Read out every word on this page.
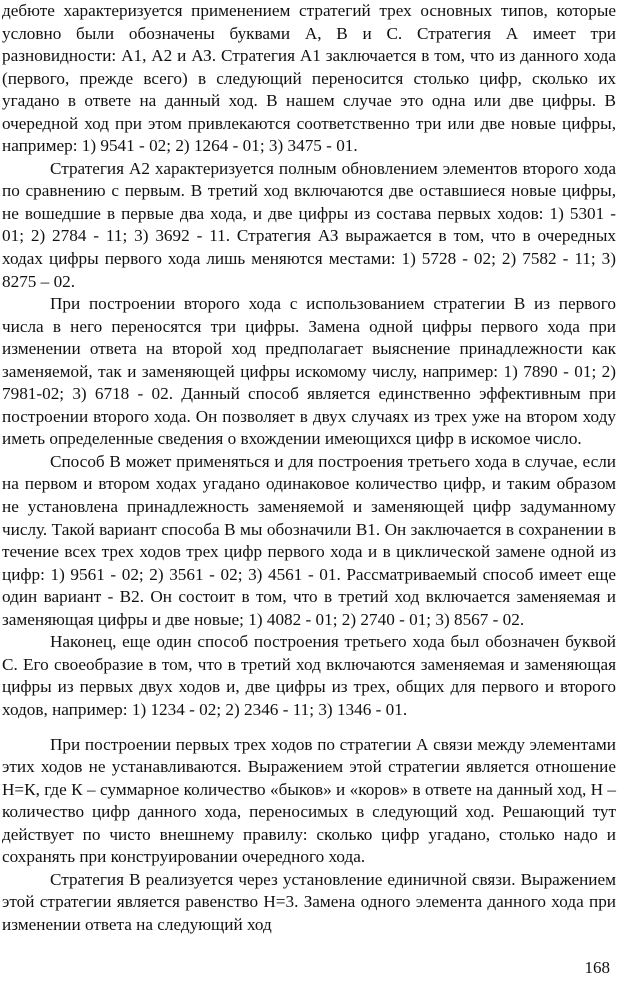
дебюте характеризуется применением стратегий трех основных типов, которые условно были обозначены буквами А, В и С. Стратегия А имеет три разновидности: А1, А2 и АЗ. Стратегия А1 заключается в том, что из данного хода (первого, прежде всего) в следующий переносится столько цифр, сколько их угадано в ответе на данный ход. В нашем случае это одна или две цифры. В очередной ход при этом привлекаются соответственно три или две новые цифры, например: 1) 9541 - 02; 2) 1264 - 01; 3) 3475 - 01.

Стратегия А2 характеризуется полным обновлением элементов второго хода по сравнению с первым. В третий ход включаются две оставшиеся новые цифры, не вошедшие в первые два хода, и две цифры из состава первых ходов: 1) 5301 - 01; 2) 2784 - 11; 3) 3692 - 11. Стратегия АЗ выражается в том, что в очередных ходах цифры первого хода лишь меняются местами: 1) 5728 - 02; 2) 7582 - 11; 3) 8275 – 02.

При построении второго хода с использованием стратегии В из первого числа в него переносятся три цифры. Замена одной цифры первого хода при изменении ответа на второй ход предполагает выяснение принадлежности как заменяемой, так и заменяющей цифры искомому числу, например: 1) 7890 - 01; 2) 7981-02; 3) 6718 - 02. Данный способ является единственно эффективным при построении второго хода. Он позволяет в двух случаях из трех уже на втором ходу иметь определенные сведения о вхождении имеющихся цифр в искомое число.

Способ В может применяться и для построения третьего хода в случае, если на первом и втором ходах угадано одинаковое количество цифр, и таким образом не установлена принадлежность заменяемой и заменяющей цифр задуманному числу. Такой вариант способа В мы обозначили В1. Он заключается в сохранении в течение всех трех ходов трех цифр первого хода и в циклической замене одной из цифр: 1) 9561 - 02; 2) 3561 - 02; 3) 4561 - 01. Рассматриваемый способ имеет еще один вариант - В2. Он состоит в том, что в третий ход включается заменяемая и заменяющая цифры и две новые; 1) 4082 - 01; 2) 2740 - 01; 3) 8567 - 02.

Наконец, еще один способ построения третьего хода был обозначен буквой С. Его своеобразие в том, что в третий ход включаются заменяемая и заменяющая цифры из первых двух ходов и, две цифры из трех, общих для первого и второго ходов, например: 1) 1234 - 02; 2) 2346 - 11; 3) 1346 - 01.

При построении первых трех ходов по стратегии А связи между элементами этих ходов не устанавливаются. Выражением этой стратегии является отношение Н=К, где К – суммарное количество «быков» и «коров» в ответе на данный ход, Н – количество цифр данного хода, переносимых в следующий ход. Решающий тут действует по чисто внешнему правилу: сколько цифр угадано, столько надо и сохранять при конструировании очередного хода.

Стратегия В реализуется через установление единичной связи. Выражением этой стратегии является равенство Н=3. Замена одного элемента данного хода при изменении ответа на следующий ход

168
